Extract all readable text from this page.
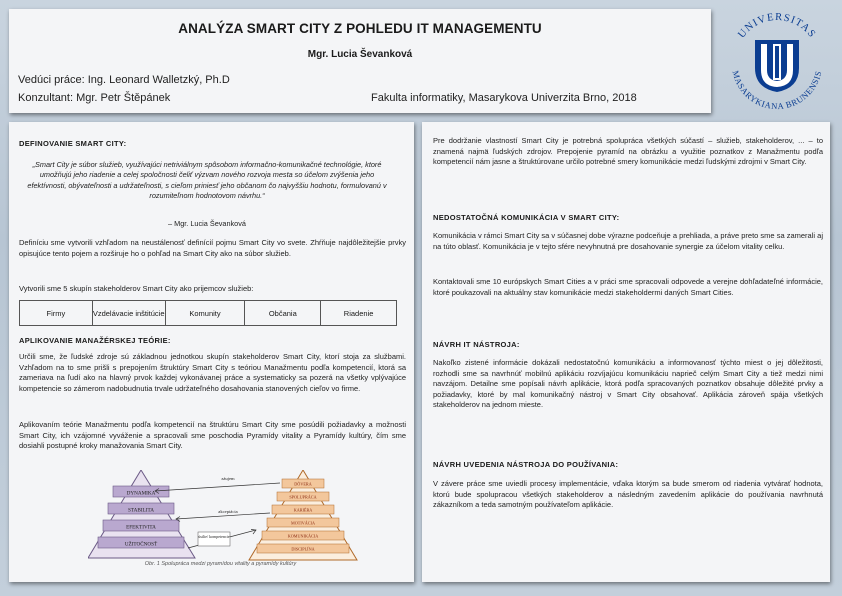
ANALÝZA SMART CITY Z POHLEDU IT MANAGEMENTU
Mgr. Lucia Ševanková
Vedúci práce: Ing. Leonard Walletzký, Ph.D
Konzultant: Mgr. Petr Štěpánek	Fakulta informatiky, Masarykova Univerzita Brno, 2018
UNIVERSITAS
MASARYKIANA BRUNENSIS
DEFINOVANIE SMART CITY:
„Smart City je súbor služieb, využívajúci netriviálnym spôsobom informačno-komunikačné technológie, ktoré umožňujú jeho riadenie a celej spoločnosti čeliť výzvam nového rozvoja mesta so účelom zvýšenia jeho efektívnosti, obývateľnosti a udržateľnosti, s cieľom priniesť jeho občanom čo najvyššiu hodnotu, formulovanú v rozumiteľnom hodnotovom návrhu.“
– Mgr. Lucia Ševanková
Definíciu sme vytvorili vzhľadom na neustálenosť definícií pojmu Smart City vo svete. Zhŕňuje najdôležitejšie prvky opisujúce tento pojem a rozširuje ho o pohľad na Smart City ako na súbor služieb.
Vytvorili sme 5 skupín stakeholderov Smart City ako prijemcov služieb:
Firmy	Vzdelávacie inštitúcie	Komunity	Občania	Riadenie
APLIKOVANIE MANAŽÉRSKEJ TEÓRIE:
Určili sme, že ľudské zdroje sú základnou jednotkou skupín stakeholderov Smart City, ktorí stoja za službami. Vzhľadom na to sme prišli s prepojením štruktúry Smart City s teóriou Manažmentu podľa kompetencií, ktorá sa zameriava na ľudí ako na hlavný prvok každej vykonávanej práce a systematicky sa pozerá na všetky vplývajúce kompetencie so zámerom nadobudnutia trvale udržateľného dosahovania stanovených cieľov vo firme.
Aplikovaním teórie Manažmentu podľa kompetencií na štruktúru Smart City sme posúdili požiadavky a možnosti Smart City, ich vzájomné vyváženie a spracovali sme poschodia Pyramídy vitality a Pyramídy kultúry, čím sme dosiahli postupné kroky manažovania Smart City.
DYNAMIKA
STABILITA
EFEKTIVITA
UŽITOČNOSŤ
DÔVERA
SPOLUPRÁCA
KARIÉRA
MOTIVÁCIA
KOMUNIKÁCIA
DISCIPLÍNA
záujem
akceptácia
úsilie/ kompetencie
Obr. 1 Spolupráca medzi pyramídou vitality a pyramídy kultúry
Pre dodržanie vlastností Smart City je potrebná spolupráca všetkých súčastí – služieb, stakeholderov, ... – to znamená najmä ľudských zdrojov. Prepojenie pyramíd na obrázku a využitie poznatkov z Manažmentu podľa kompetencií nám jasne a štruktúrovane určilo potrebné smery komunikácie medzi ľudskými zdrojmi v Smart City.
NEDOSTATOČNÁ KOMUNIKÁCIA V SMART CITY:
Komunikácia v rámci Smart City sa v súčasnej dobe výrazne podceňuje a prehliada, a práve preto sme sa zamerali aj na túto oblasť. Komunikácia je v tejto sfére nevyhnutná pre dosahovanie synergie za účelom vitality celku.
Kontaktovali sme 10 európskych Smart Cities a v práci sme spracovali odpovede a verejne dohľadateľné informácie, ktoré poukazovali na aktuálny stav komunikácie medzi stakeholdermi daných Smart Cities.
NÁVRH IT NÁSTROJA:
Nakoľko zistené informácie dokázali nedostatočnú komunikáciu a informovanosť týchto miest o jej dôležitosti, rozhodli sme sa navrhnúť mobilnú aplikáciu rozvíjajúcu komunikáciu naprieč celým Smart City a tiež medzi nimi navzájom. Detailne sme popísali návrh aplikácie, ktorá podľa spracovaných poznatkov obsahuje dôležité prvky a požiadavky, ktoré by mal komunikačný nástroj v Smart City obsahovať. Aplikácia zároveň spája všetkých stakeholderov na jednom mieste.
NÁVRH UVEDENIA NÁSTROJA DO POUŽÍVANIA:
V závere práce sme uviedli procesy implementácie, vďaka ktorým sa bude smerom od riadenia vytvárať hodnota, ktorú bude spolupracou všetkých stakeholderov a následným zavedením aplikácie do používania navrhnutá zákazníkom a teda samotným používateľom aplikácie.
